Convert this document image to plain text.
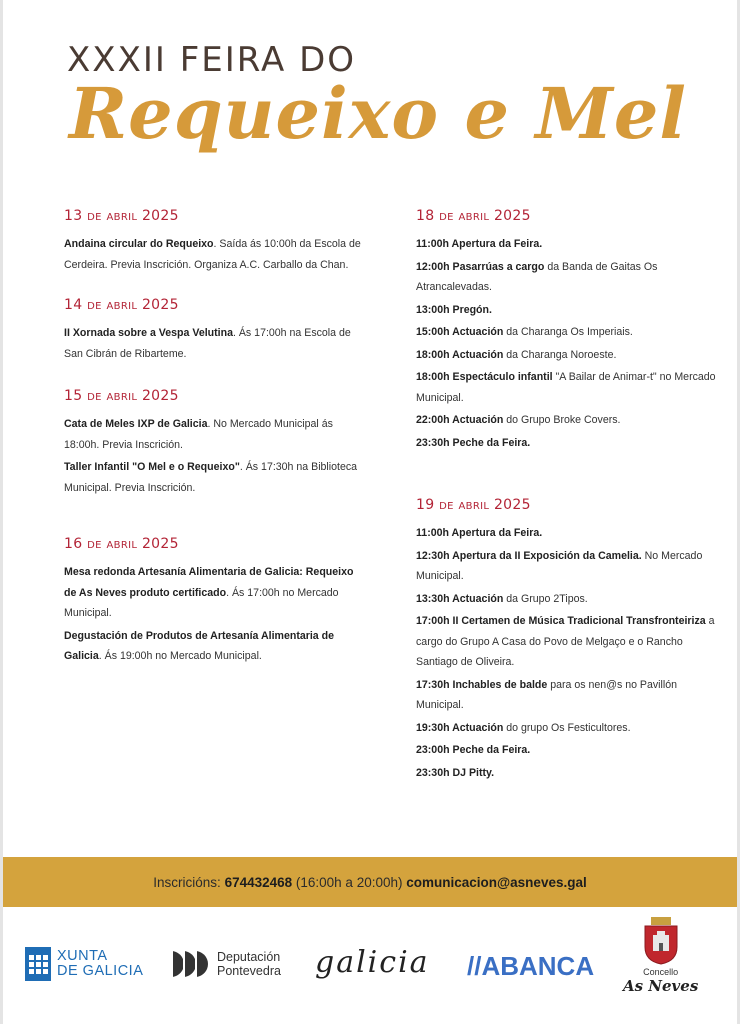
XXXII FEIRA DO
Requeixo e Mel
13 de abril 2025

Andaina circular do Requeixo. Saída ás 10:00h da Escola de Cerdeira. Previa Inscrición. Organiza A.C. Carballo da Chan.

14 de abril 2025

II Xornada sobre a Vespa Velutina. Ás 17:00h na Escola de San Cibrán de Ribarteme.

15 de abril 2025

Cata de Meles IXP de Galicia. No Mercado Municipal ás 18:00h. Previa Inscrición.

Taller Infantil "O Mel e o Requeixo". Ás 17:30h na Biblioteca Municipal. Previa Inscrición.

16 de abril 2025

Mesa redonda Artesanía Alimentaria de Galicia: Requeixo de As Neves produto certificado. Ás 17:00h no Mercado Municipal.

Degustación de Produtos de Artesanía Alimentaria de Galicia. Ás 19:00h no Mercado Municipal.

18 de abril 2025

11:00h Apertura da Feira.

12:00h Pasarrúas a cargo da Banda de Gaitas Os Atrancalevadas.

13:00h Pregón.

15:00h Actuación da Charanga Os Imperiais.

18:00h Actuación da Charanga Noroeste.

18:00h Espectáculo infantil "A Bailar de Animar-t" no Mercado Municipal.

22:00h Actuación do Grupo Broke Covers.

23:30h Peche da Feira.

19 de abril 2025

11:00h Apertura da Feira.

12:30h Apertura da II Exposición da Camelia. No Mercado Municipal.

13:30h Actuación da Grupo 2Tipos.

17:00h II Certamen de Música Tradicional Transfronteiriza a cargo do Grupo A Casa do Povo de Melgaço e o Rancho Santiago de Oliveira.

17:30h Inchables de balde para os nen@s no Pavillón Municipal.

19:30h Actuación do grupo Os Festicultores.

23:00h Peche da Feira.

23:30h DJ Pitty.

Inscricións:
674432468 (16:00h a 20:00h) comunicacion@asneves.gal
XUNTA
DE GALICIA
Deputación
Pontevedra galicia //ABANCA	Concello
As Neves
